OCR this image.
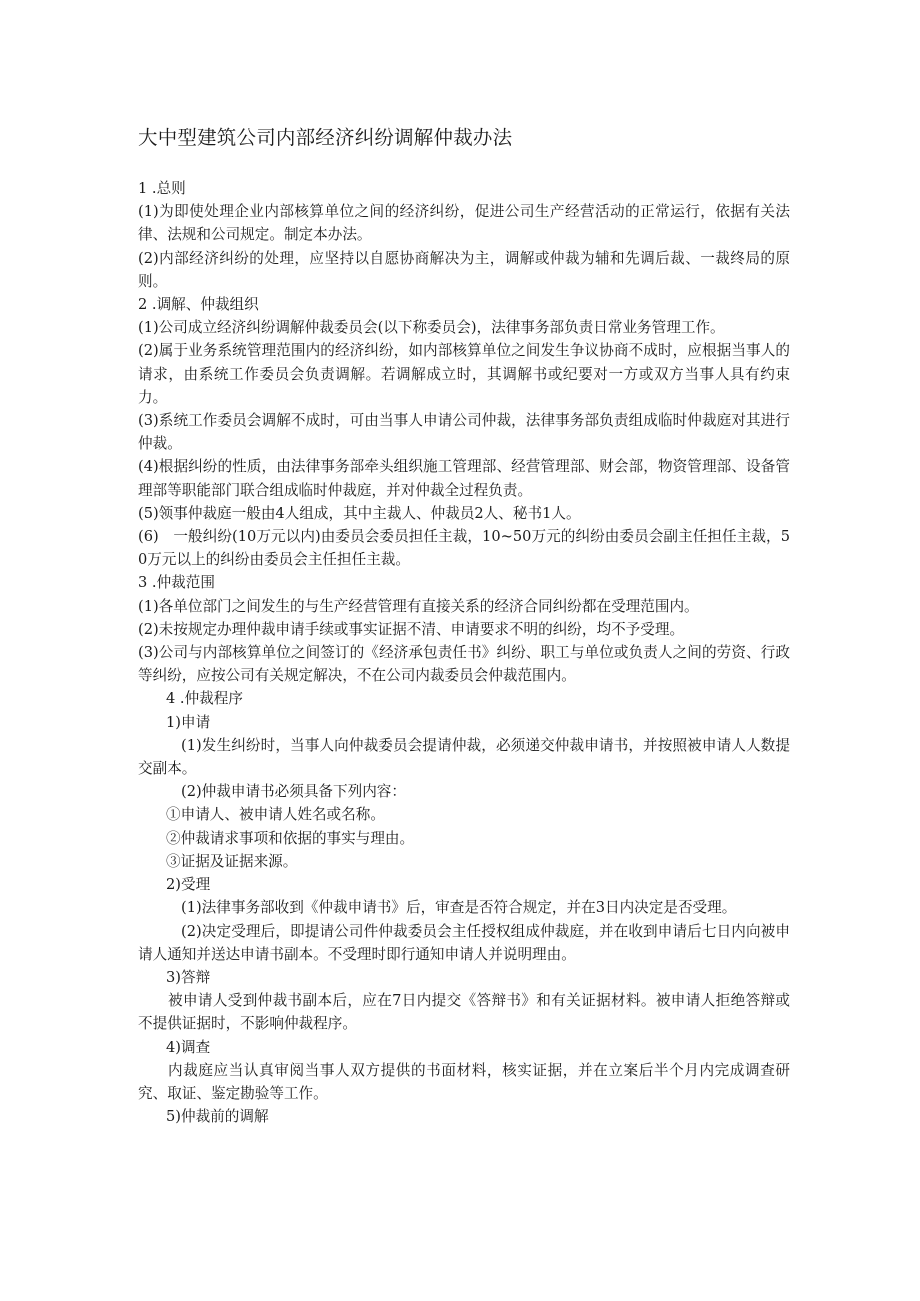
大中型建筑公司内部经济纠纷调解仲裁办法

1 .总则

(1)为即使处理企业内部核算单位之间的经济纠纷，促进公司生产经营活动的正常运行，依据有关法律、法规和公司规定。制定本办法。

(2)内部经济纠纷的处理，应坚持以自愿协商解决为主，调解或仲裁为辅和先调后裁、一裁终局的原则。

2 .调解、仲裁组织

(1)公司成立经济纠纷调解仲裁委员会(以下称委员会)，法律事务部负责日常业务管理工作。

(2)属于业务系统管理范围内的经济纠纷，如内部核算单位之间发生争议协商不成时，应根据当事人的请求，由系统工作委员会负责调解。若调解成立时，其调解书或纪要对一方或双方当事人具有约束力。

(3)系统工作委员会调解不成时，可由当事人申请公司仲裁，法律事务部负责组成临时仲裁庭对其进行仲裁。

(4)根据纠纷的性质，由法律事务部牵头组织施工管理部、经营管理部、财会部，物资管理部、设备管理部等职能部门联合组成临时仲裁庭，并对仲裁全过程负责。

(5)领事仲裁庭一般由4人组成，其中主裁人、仲裁员2人、秘书1人。

(6)　一般纠纷(10万元以内)由委员会委员担任主裁，10~50万元的纠纷由委员会副主任担任主裁，50万元以上的纠纷由委员会主任担任主裁。

3 .仲裁范围

(1)各单位部门之间发生的与生产经营管理有直接关系的经济合同纠纷都在受理范围内。

(2)未按规定办理仲裁申请手续或事实证据不清、申请要求不明的纠纷，均不予受理。

(3)公司与内部核算单位之间签订的《经济承包责任书》纠纷、职工与单位或负责人之间的劳资、行政等纠纷，应按公司有关规定解决，不在公司内裁委员会仲裁范围内。

4 .仲裁程序

1)申请

(1)发生纠纷时，当事人向仲裁委员会提请仲裁，必须递交仲裁申请书，并按照被申请人人数提交副本。

(2)仲裁申请书必须具备下列内容：

①申请人、被申请人姓名或名称。

②仲裁请求事项和依据的事实与理由。

③证据及证据来源。

2)受理

(1)法律事务部收到《仲裁申请书》后，审查是否符合规定，并在3日内决定是否受理。

(2)决定受理后，即提请公司件仲裁委员会主任授权组成仲裁庭，并在收到申请后七日内向被申请人通知并送达申请书副本。不受理时即行通知申请人并说明理由。

3)答辩

被申请人受到仲裁书副本后，应在7日内提交《答辩书》和有关证据材料。被申请人拒绝答辩或不提供证据时，不影响仲裁程序。

4)调查

内裁庭应当认真审阅当事人双方提供的书面材料，核实证据，并在立案后半个月内完成调查研究、取证、鉴定勘验等工作。

5)仲裁前的调解
